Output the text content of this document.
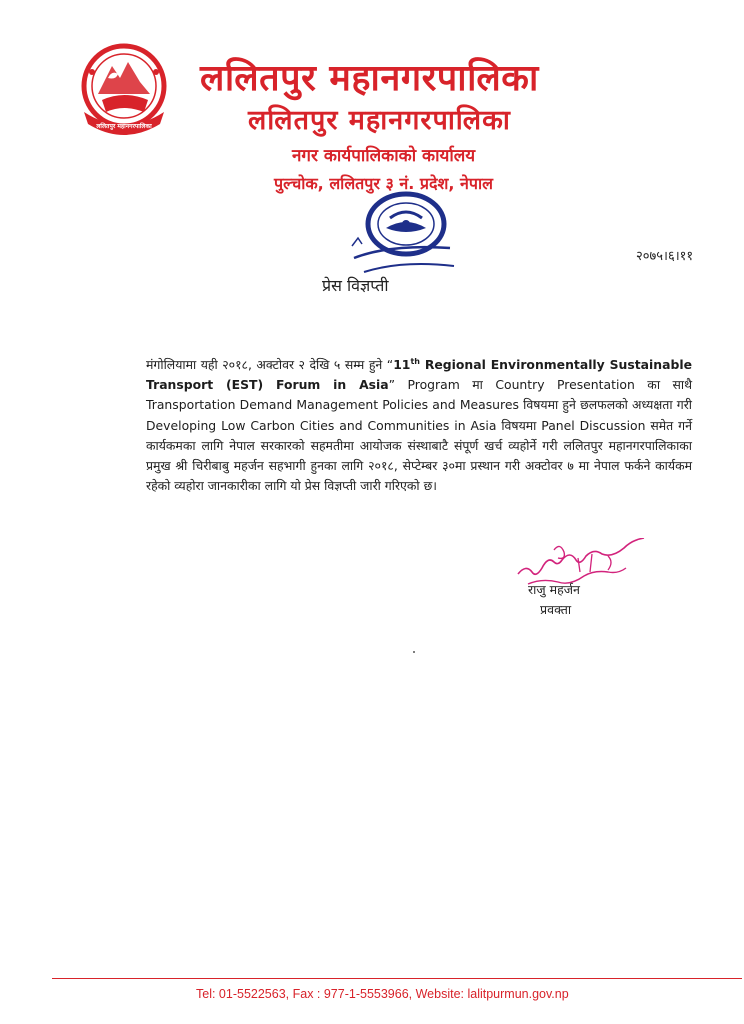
ललितपुर महानगरपालिका
ललितपुर महानगरपालिका
ललितपुर महानगरपालिका
नगर कार्यपालिकाको कार्यालय
पुल्चोक, ललितपुर ३ नं. प्रदेश, नेपाल
२०७५।६।११
प्रेस विज्ञप्ती
मंगोलियामा यही २०१८, अक्टोवर २ देखि ५ सम्म हुने “11th Regional Environmentally Sustainable Transport (EST) Forum in Asia” Program मा Country Presentation का साथै Transportation Demand Management Policies and Measures विषयमा हुने छलफलको अध्यक्षता गरी Developing Low Carbon Cities and Communities in Asia विषयमा Panel Discussion समेत गर्ने कार्यकमका लागि नेपाल सरकारको सहमतीमा आयोजक संस्थाबाटै संपूर्ण खर्च व्यहोर्ने गरी ललितपुर महानगरपालिकाका प्रमुख श्री चिरीबाबु महर्जन सहभागी हुनका लागि २०१८, सेप्टेम्बर ३०मा प्रस्थान गरी अक्टोवर ७ मा नेपाल फर्कने कार्यकम रहेको व्यहोरा जानकारीका लागि यो प्रेस विज्ञप्ती जारी गरिएको छ।
राजु महर्जन
प्रवक्ता
Tel: 01-5522563, Fax : 977-1-5553966, Website: lalitpurmun.gov.np
